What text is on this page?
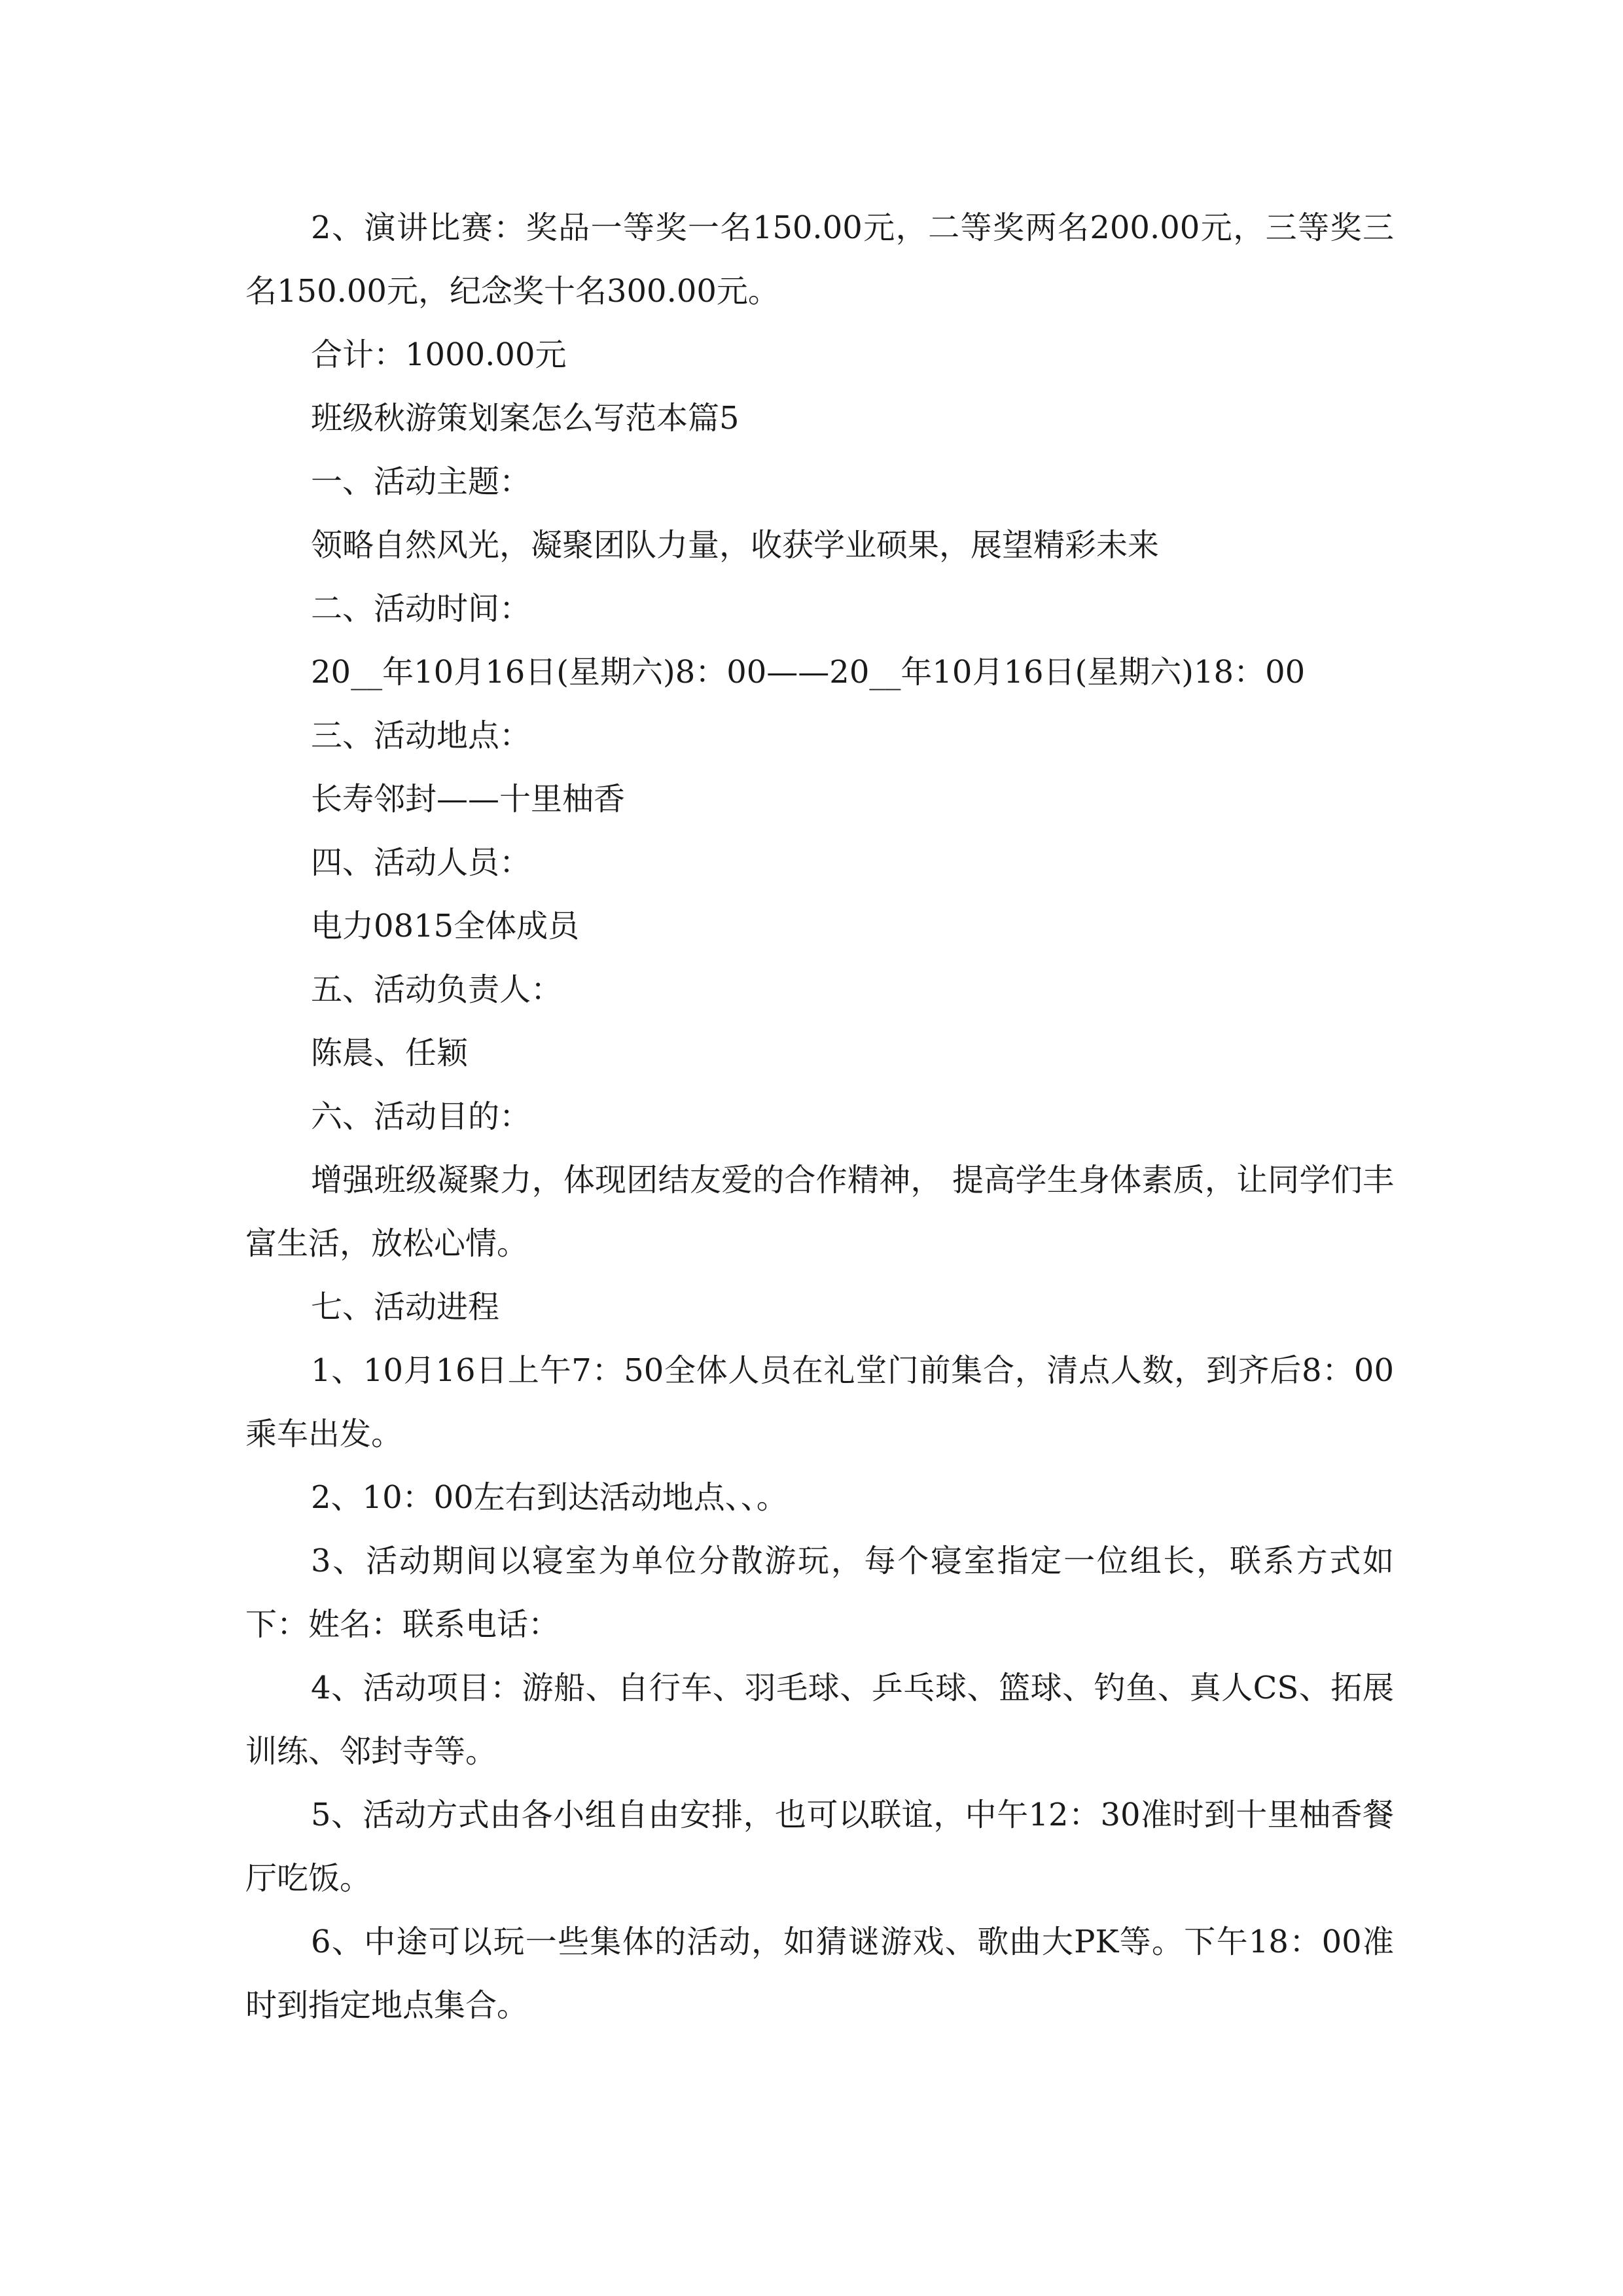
2、演讲比赛：奖品一等奖一名150.00元，二等奖两名200.00元，三等奖三名150.00元，纪念奖十名300.00元。

合计：1000.00元

班级秋游策划案怎么写范本篇5

一、活动主题：

领略自然风光，凝聚团队力量，收获学业硕果，展望精彩未来

二、活动时间：

20__年10月16日(星期六)8：00——20__年10月16日(星期六)18：00

三、活动地点：

长寿邻封——十里柚香

四、活动人员：

电力0815全体成员

五、活动负责人：

陈晨、任颖

六、活动目的：

增强班级凝聚力，体现团结友爱的合作精神， 提高学生身体素质，让同学们丰富生活，放松心情。

七、活动进程

1、10月16日上午7：50全体人员在礼堂门前集合，清点人数，到齐后8：00乘车出发。

2、10：00左右到达活动地点、、。

3、活动期间以寝室为单位分散游玩，每个寝室指定一位组长，联系方式如下：姓名：联系电话：

4、活动项目：游船、自行车、羽毛球、乒乓球、篮球、钓鱼、真人CS、拓展训练、邻封寺等。

5、活动方式由各小组自由安排，也可以联谊，中午12：30准时到十里柚香餐厅吃饭。

6、中途可以玩一些集体的活动，如猜谜游戏、歌曲大PK等。下午18：00准时到指定地点集合。
